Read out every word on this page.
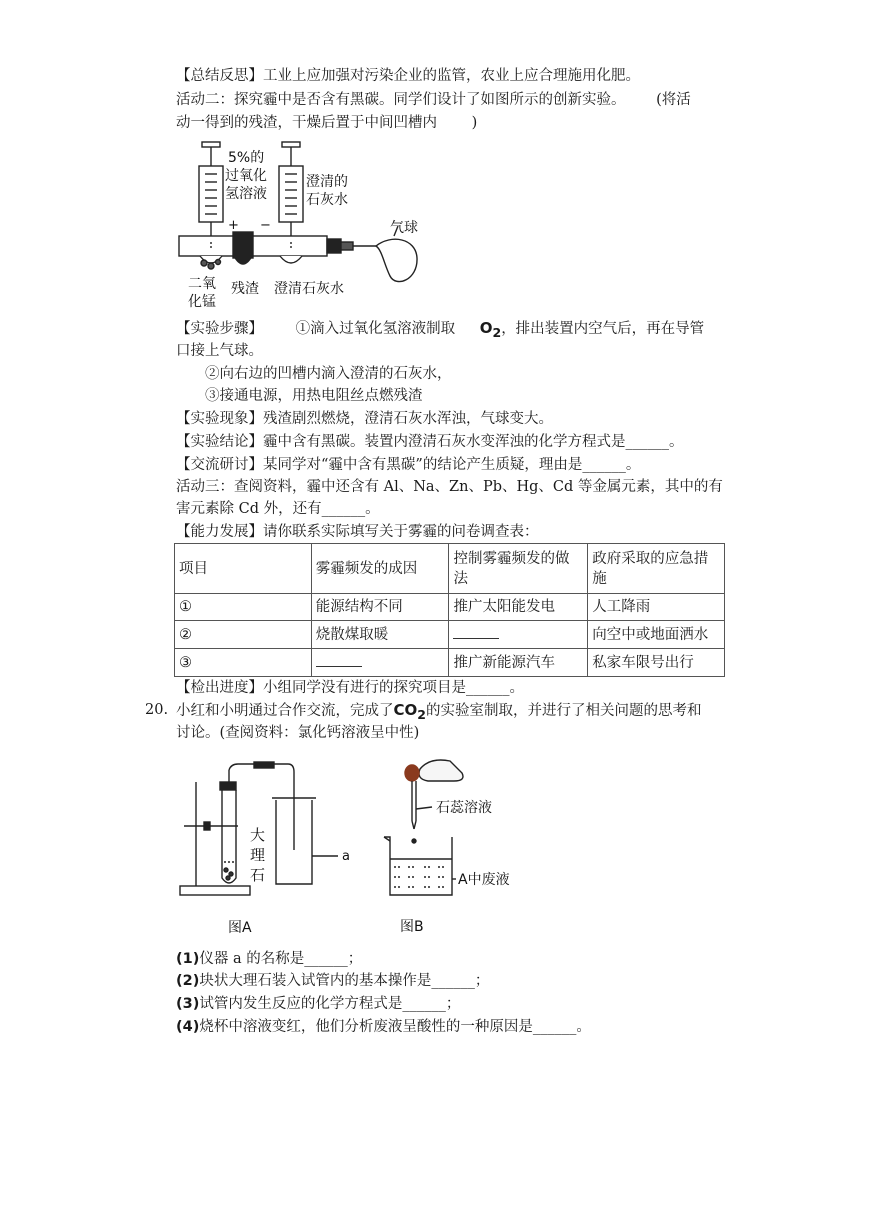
【总结反思】工业上应加强对污染企业的监管，农业上应合理施用化肥。
活动二：探究霾中是否含有黑碳。同学们设计了如图所示的创新实验。 (将活
动一得到的残渣，干燥后置于中间凹槽内 )
5%的
过氧化
氢溶液
澄清的
石灰水
气球
+ −
二氧
化锰
残渣 澄清石灰水
【实验步骤】 ①滴入过氧化氢溶液制取 $O_2$，排出装置内空气后，再在导管
口接上气球。
②向右边的凹槽内滴入澄清的石灰水，
③接通电源，用热电阻丝点燃残渣
【实验现象】残渣剧烈燃烧，澄清石灰水浑浊，气球变大。
【实验结论】霾中含有黑碳。装置内澄清石灰水变浑浊的化学方程式是______。
【交流研讨】某同学对“霾中含有黑碳”的结论产生质疑，理由是______。
活动三：查阅资料，霾中还含有 Al、Na、Zn、Pb、Hg、Cd 等金属元素，其中的有
害元素除 Cd 外，还有______。
【能力发展】请你联系实际填写关于雾霾的问卷调查表：
项目	雾霾频发的成因	控制雾霾频发的做法	政府采取的应急措施
①	能源结构不同	推广太阳能发电	人工降雨
②	烧散煤取暖		向空中或地面洒水
③		推广新能源汽车	私家车限号出行
【检出进度】小组同学没有进行的探究项目是______。
20. 小红和小明通过合作交流，完成了$CO_2$的实验室制取，并进行了相关问题的思考和
讨论。(查阅资料：氯化钙溶液呈中性)
大
理
石
a
图A
石蕊溶液
A中废液
图B
(1)仪器 a 的名称是______；
(2)块状大理石装入试管内的基本操作是______；
(3)试管内发生反应的化学方程式是______；
(4)烧杯中溶液变红，他们分析废液呈酸性的一种原因是______。
